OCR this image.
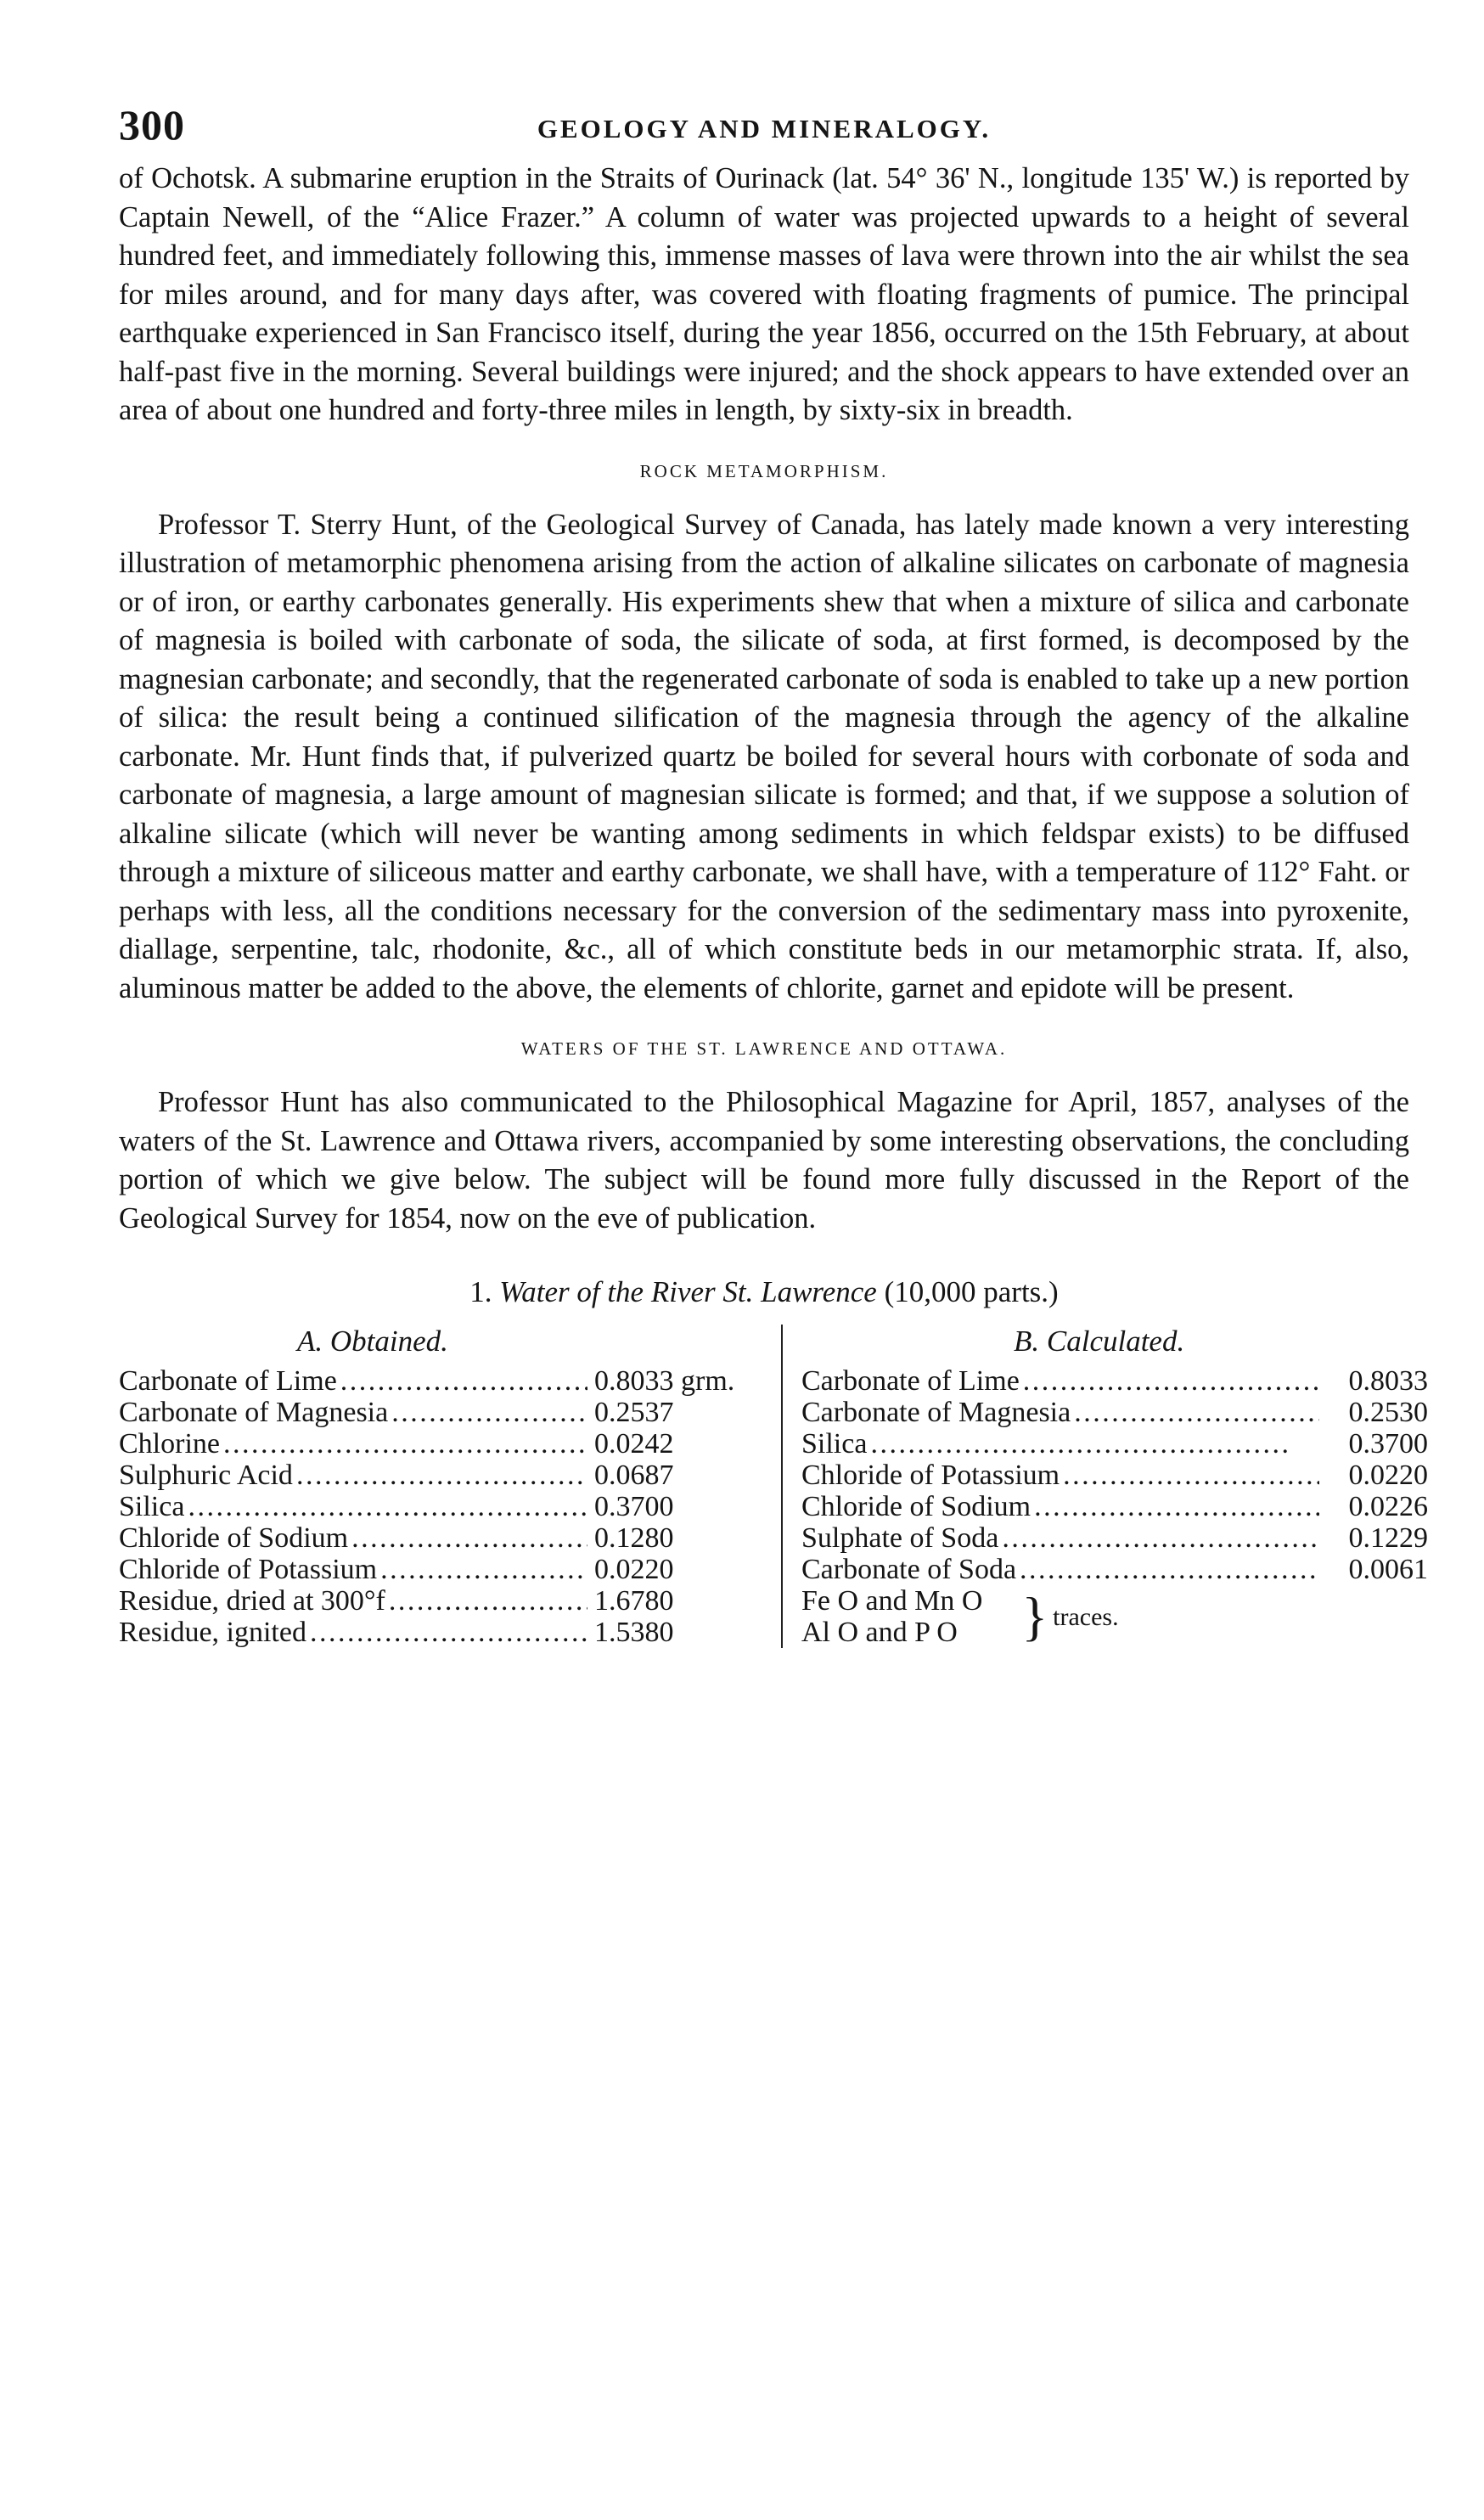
300	GEOLOGY AND MINERALOGY.

of Ochotsk. A submarine eruption in the Straits of Ourinack (lat. 54° 36' N., longitude 135' W.) is reported by Captain Newell, of the “Alice Frazer.” A column of water was projected upwards to a height of several hundred feet, and immediately following this, immense masses of lava were thrown into the air whilst the sea for miles around, and for many days after, was covered with floating fragments of pumice. The principal earthquake experienced in San Francisco itself, during the year 1856, occurred on the 15th February, at about half-past five in the morning. Several buildings were injured; and the shock appears to have extended over an area of about one hundred and forty-three miles in length, by sixty-six in breadth.

ROCK METAMORPHISM.

Professor T. Sterry Hunt, of the Geological Survey of Canada, has lately made known a very interesting illustration of metamorphic phenomena arising from the action of alkaline silicates on carbonate of magnesia or of iron, or earthy carbonates generally. His experiments shew that when a mixture of silica and carbonate of magnesia is boiled with carbonate of soda, the silicate of soda, at first formed, is decomposed by the magnesian carbonate; and secondly, that the regenerated carbonate of soda is enabled to take up a new portion of silica: the result being a continued silification of the magnesia through the agency of the alkaline carbonate. Mr. Hunt finds that, if pulverized quartz be boiled for several hours with corbonate of soda and carbonate of magnesia, a large amount of magnesian silicate is formed; and that, if we suppose a solution of alkaline silicate (which will never be wanting among sediments in which feldspar exists) to be diffused through a mixture of siliceous matter and earthy carbonate, we shall have, with a temperature of 112° Faht. or perhaps with less, all the conditions necessary for the conversion of the sedimentary mass into pyroxenite, diallage, serpentine, talc, rhodonite, &c., all of which constitute beds in our metamorphic strata. If, also, aluminous matter be added to the above, the elements of chlorite, garnet and epidote will be present.

WATERS OF THE ST. LAWRENCE AND OTTAWA.

Professor Hunt has also communicated to the Philosophical Magazine for April, 1857, analyses of the waters of the St. Lawrence and Ottawa rivers, accompanied by some interesting observations, the concluding portion of which we give below. The subject will be found more fully discussed in the Report of the Geological Survey for 1854, now on the eve of publication.

1. Water of the River St. Lawrence (10,000 parts.)
A. Obtained.
Carbonate of Lime . . .	0.8033 grm.
Carbonate of Magnesia . . .	0.2537
Chlorine . . .	0.0242
Sulphuric Acid . . .	0.0687
Silica . . .	0.3700
Chloride of Sodium . . .	0.1280
Chloride of Potassium . . .	0.0220
Residue, dried at 300°f . . .	1.6780
Residue, ignited . . .	1.5380
B. Calculated.
Carbonate of Lime . . .	0.8033
Carbonate of Magnesia . . .	0.2530
Silica . . .	0.3700
Chloride of Potassium . . .	0.0220
Chloride of Sodium . . .	0.0226
Sulphate of Soda . . .	0.1229
Carbonate of Soda . . .	0.0061
Fe O and Mn O
Al O and P O	} traces.
